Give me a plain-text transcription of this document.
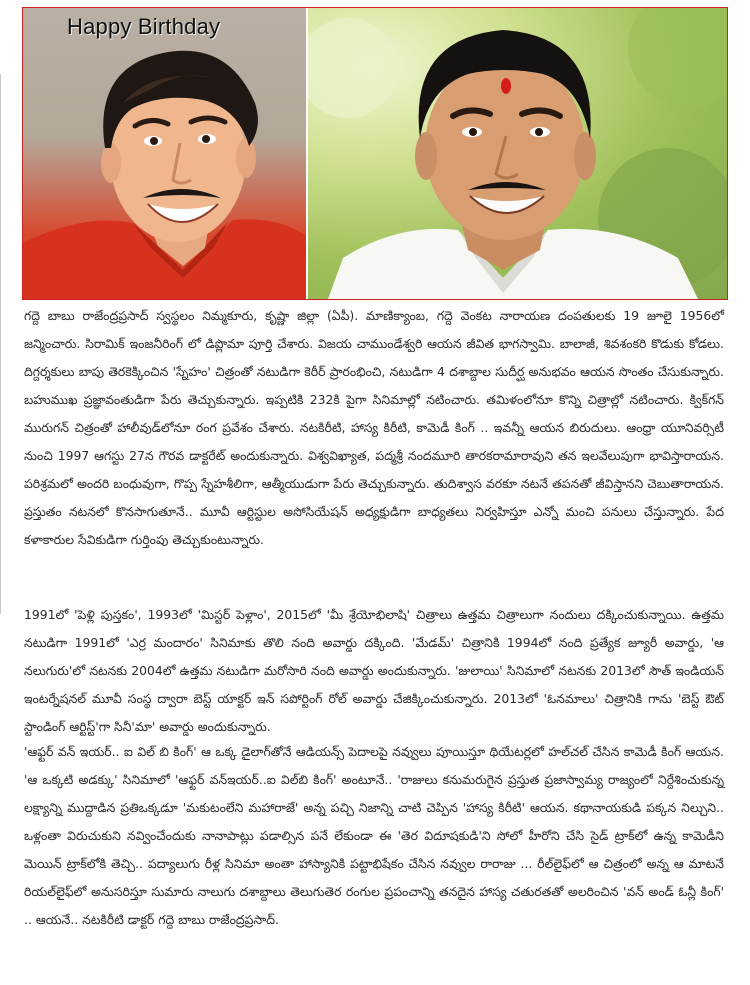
Happy Birthday

గద్దె బాబు రాజేంద్రప్రసాద్ స్వస్థలం నిమ్మకూరు, కృష్ణా జిల్లా (ఏపీ). మాణిక్యాంబ, గద్దె వెంకట నారాయణ దంపతులకు 19 జూలై 1956లో జన్మించారు. సిరామిక్ ఇంజనీరింగ్ లో డిప్లొమా పూర్తి చేశారు. విజయ చాముండేశ్వరి ఆయన జీవిత భాగస్వామి. బాలాజీ, శివశంకరి కొడుకు కోడలు. దిగ్దర్శకులు బాపు తెరకెక్కించిన 'స్నేహం' చిత్రంతో నటుడిగా కెరీర్ ప్రారంభించి, నటుడిగా 4 దశాబ్దాల సుదీర్ఘ అనుభవం ఆయన సొంతం చేసుకున్నారు. బహుముఖ ప్రజ్ఞావంతుడిగా పేరు తెచ్చుకున్నారు. ఇప్పటికి 232కి పైగా సినిమాల్లో నటించారు. తమిళంలోనూ కొన్ని చిత్రాల్లో నటించారు. క్విక్‌గన్ మురుగన్ చిత్రంతో హాలీవుడ్‌లోనూ రంగ ప్రవేశం చేశారు. నటకిరీటి, హాస్య కిరీటి, కామెడీ కింగ్ .. ఇవన్నీ ఆయన బిరుదులు. ఆంధ్రా యూనివర్సిటీ నుంచి 1997 ఆగస్టు 27న గౌరవ డాక్టరేట్ అందుకున్నారు. విశ్వవిఖ్యాత, పద్మశ్రీ నందమూరి తారకరామారావుని తన ఇలవేలుపుగా భావిస్తారాయన. పరిశ్రమలో అందరి బంధువుగా, గొప్ప స్నేహశీలిగా, ఆత్మీయుడుగా పేరు తెచ్చుకున్నారు. తుదిశ్వాస వరకూ నటనే తపనతో జీవిస్తానని చెబుతారాయన. ప్రస్తుతం నటనలో కొనసాగుతూనే.. మూవీ ఆర్టిస్టుల అసోసియేషన్ అధ్యక్షుడిగా బాధ్యతలు నిర్వహిస్తూ ఎన్నో మంచి పనులు చేస్తున్నారు. పేద కళాకారుల సేవికుడిగా గుర్తింపు తెచ్చుకుంటున్నారు.

1991లో 'పెళ్లి పుస్తకం', 1993లో 'మిస్టర్ పెళ్లాం', 2015లో 'మీ శ్రేయోభిలాషి' చిత్రాలు ఉత్తమ చిత్రాలుగా నందులు దక్కించుకున్నాయి. ఉత్తమ నటుడిగా 1991లో 'ఎర్ర మందారం' సినిమాకు తొలి నంది అవార్డు దక్కింది. 'మేడమ్' చిత్రానికి 1994లో నంది ప్రత్యేక జ్యూరీ అవార్డు, 'ఆ నలుగురు'లో నటనకు 2004లో ఉత్తమ నటుడిగా మరోసారి నంది అవార్డు అందుకున్నారు. 'జులాయి' సినిమాలో నటనకు 2013లో సౌత్ ఇండియన్ ఇంటర్నేషనల్ మూవీ సంస్థ ద్వారా బెస్ట్ యాక్టర్ ఇన్ సపోర్టింగ్ రోల్ అవార్డు చేజిక్కించుకున్నారు. 2013లో 'ఓనమాలు' చిత్రానికి గాను 'బెస్ట్ ఔట్ స్టాండింగ్ ఆర్టిస్ట్'గా సినీ'మా' అవార్డు అందుకున్నారు.

'ఆఫ్టర్ వన్ ఇయర్.. ఐ విల్ బి కింగ్' ఆ ఒక్క డైలాగ్‌తోనే ఆడియన్స్ పెదాలపై నవ్వులు పూయిస్తూ థియేటర్లలో హల్‌చల్ చేసిన కామెడీ కింగ్ ఆయన. 'ఆ ఒక్కటి అడక్కు' సినిమాలో 'ఆఫ్టర్ వన్‌ఇయర్..ఐ విల్‌బి కింగ్' అంటూనే.. 'రాజులు కనుమరుగైన ప్రస్తుత ప్రజాస్వామ్య రాజ్యంలో నిర్దేశించుకున్న లక్ష్యాన్ని ముద్దాడిన ప్రతిఒక్కడూ 'మకుటంలేని మహారాజే' అన్న పచ్చి నిజాన్ని చాటి చెప్పిన 'హాస్య కిరీటి' ఆయన. కథానాయకుడి పక్కన నిల్చుని.. ఒళ్లంతా విరుచుకుని నవ్వించేందుకు నానాపాట్లు పడాల్సిన పనే లేకుండా ఈ 'తెర విదూషకుడి'ని సోలో హీరోని చేసి సైడ్ ట్రాక్‌లో ఉన్న కామెడీని మెయిన్ ట్రాక్‌లోకి తెచ్చి.. పద్యాలుగు రీళ్ల సినిమా అంతా హాస్యానికి పట్టాభిషేకం చేసిన నవ్వుల రారాజు ... రీల్‌లైఫ్‌లో ఆ చిత్రంలో అన్న ఆ మాటనే రియల్‌లైఫ్‌లో అనుసరిస్తూ సుమారు నాలుగు దశాబ్దాలు తెలుగుతెర రంగుల ప్రపంచాన్ని తనదైన హాస్య చతురతతో అలరించిన 'వన్ అండ్ ఓన్లీ కింగ్' .. ఆయనే.. నటకిరీటి డాక్టర్ గద్దె బాబు రాజేంద్రప్రసాద్.
